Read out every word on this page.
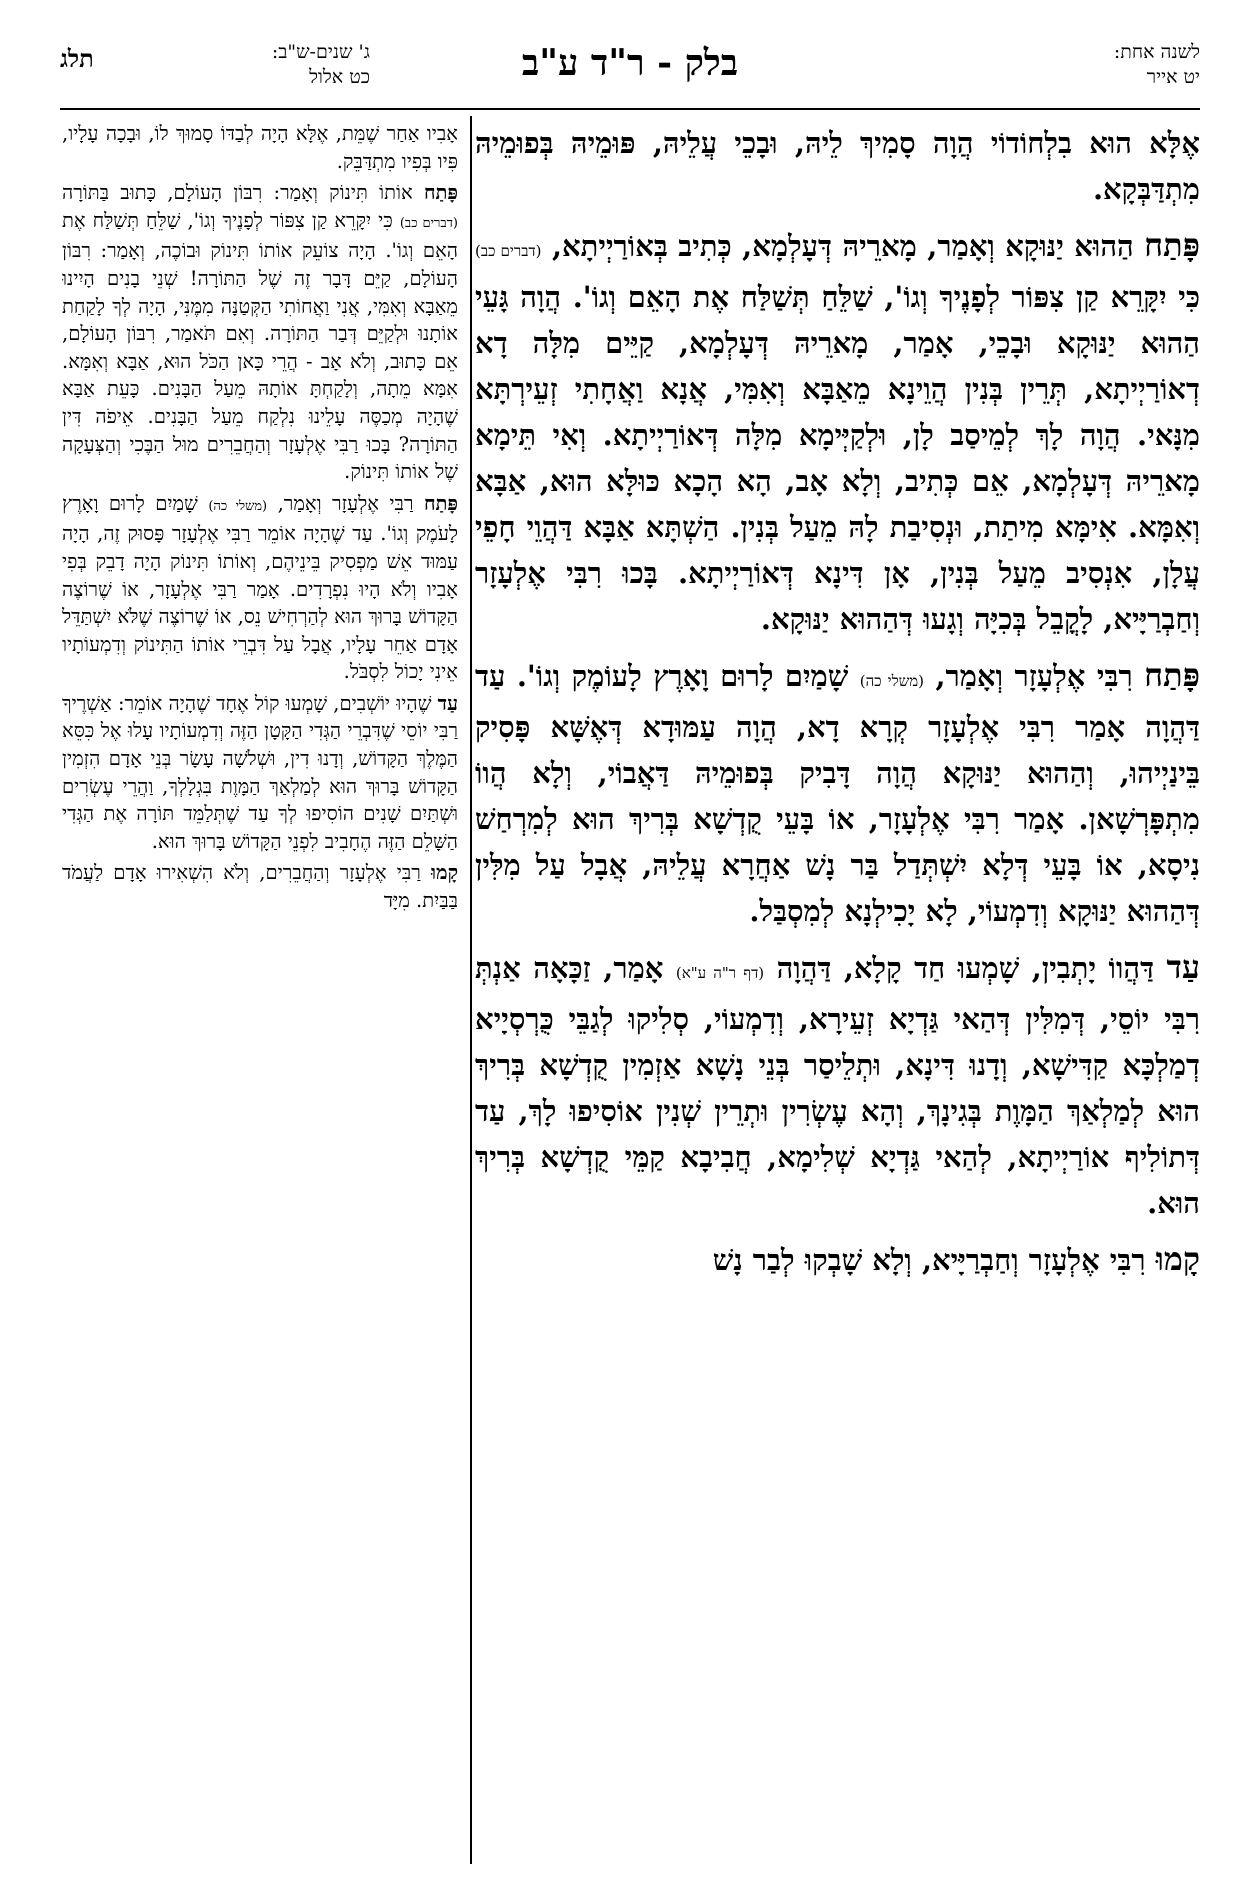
לשנה אחת:
יט אייר
בלק - ר"ד ע"ב
ג' שנים-ש"ב:
כט אלול
תלג

אֶלָּא הוּא בִלְחוֹדוֹי הֲוָה סָמִיךְ לֵיהּ, וּבָכֵי עֲלֵיהּ, פּוּמֵיהּ בְּפוּמֵיהּ מִתְדַּבְּקָא.

פָּתַח הַהוּא יַנּוּקָא וְאָמַר, מָארֵיהּ דְּעָלְמָא, כְּתִיב בְּאוֹרַיְיתָא, (דברים כב) כִּי יִקָּרֵא קַן צִפּוֹר לְפָנֶיךָ וְגוֹ', שַׁלֵּחַ תְּשַׁלַּח אֶת הָאֵם וְגוֹ'. הֲוָה גָּעֵי הַהוּא יַנּוּקָא וּבָכֵי, אָמַר, מָארֵיהּ דְּעָלְמָא, קַיֵּים מִלָּה דָא דְאוֹרַיְיתָא, תְּרֵין בְּנִין הֲוֵינָא מֵאַבָּא וְאִמִּי, אֲנָא וַאֲחָתִי זְעֵירְתָּא מִנָּאי. הֲוָה לָךְ לְמֵיסַב לָן, וּלְקַיְּימָא מִלָּה דְּאוֹרַיְיתָא. וְאִי תֵּימָא מָארֵיהּ דְּעָלְמָא, אֵם כְּתִיב, וְלָא אָב, הָא הָכָא כּוּלָּא הוּא, אַבָּא וְאִמָּא. אִימָּא מִיתַת, וּנְסִיבַת לָהּ מֵעַל בְּנִין. הַשְׁתָּא אַבָּא דַּהֲוֵי חָפֵי עֲלָן, אִנְסִיב מֵעַל בְּנִין, אָן דִּינָא דְּאוֹרַיְיתָא. בָּכוּ רִבִּי אֶלְעָזָר וְחַבְרַיָּיא, לָקֳבֵל בְּכִיָּה וְגָעוּ דְּהַהוּא יַנּוּקָא.

פָּתַח רִבִּי אֶלְעָזָר וְאָמַר, (משלי כה) שָׁמַיִם לָרוּם וָאָרֶץ לָעוֹמֶק וְגוֹ'. עַד דַּהֲוָה אָמַר רִבִּי אֶלְעָזָר קְרָא דָא, הֲוָה עַמּוּדָא דְּאֶשָּׁא פָּסִיק בֵּינַיְיהוּ, וְהַהוּא יַנּוּקָא הֲוָה דָּבִיק בְּפוּמֵיהּ דַּאֲבוֹי, וְלָא הֲווֹ מִתְפָּרְשָׁאן. אָמַר רִבִּי אֶלְעָזָר, אוֹ בָּעֵי קֻדְשָׁא בְּרִיךְ הוּא לְמִרְחַשׁ נִיסָא, אוֹ בָּעֵי דְּלָא יִשְׁתְּדַל בַּר נָשׁ אַחֲרָא עֲלֵיהּ, אֲבָל עַל מִלִּין דְּהַהוּא יַנּוּקָא וְדִמְעוֹי, לָא יָכִילְנָא לְמִסְבַּל.

עַד דַּהֲווֹ יָתְבִין, שָׁמְעוּ חַד קָלָא, דַּהֲוָה (דף ר"ה ע"א) אָמַר, זַכָּאָה אַנְתְּ רִבִּי יוֹסֵי, דְּמִלִּין דְּהַאי גַּדְיָא זְעֵירָא, וְדִמְעוֹי, סְלִיקוּ לְגַבֵּי כֻּרְסְיָיא דְמַלְכָּא קַדִּישָׁא, וְדָנוּ דִּינָא, וּתְלֵיסַר בְּנֵי נָשָׁא אַזְמִין קֻדְשָׁא בְּרִיךְ הוּא לְמַלְאַךְ הַמָּוֶת בְּגִינָךְ, וְהָא עֶשְׂרִין וּתְרֵין שְׁנִין אוֹסִיפוּ לָךְ, עַד דְּתוֹלִיף אוֹרַיְיתָא, לְהַאי גַּדְיָא שְׁלִימָא, חֲבִיבָא קַמֵּי קֻדְשָׁא בְּרִיךְ הוּא.

קָמוּ רִבִּי אֶלְעָזָר וְחַבְרַיָּיא, וְלָא שָׁבְקוּ לְבַר נָשׁ

אָבִיו אַחַר שֶׁמֵּת, אֶלָּא הָיָה לְבַדּוֹ סָמוּךְ לוֹ, וּבָכָה עָלָיו, פִּיו בְּפִיו מִתְדַּבֵּק.

פָּתַח אוֹתוֹ תִּינוֹק וְאָמַר: רִבּוֹן הָעוֹלָם, כָּתוּב בַּתּוֹרָה (דברים כב) כִּי יִקָּרֵא קַן צִפּוֹר לְפָנֶיךָ וְגוֹ', שַׁלֵּחַ תְּשַׁלַּח אֶת הָאֵם וְגוֹ'. הָיָה צוֹעֵק אוֹתוֹ תִּינוֹק וּבוֹכֶה, וְאָמַר: רִבּוֹן הָעוֹלָם, קַיֵּם דָּבָר זֶה שֶׁל הַתּוֹרָה! שְׁנֵי בָנִים הָיִינוּ מֵאַבָּא וְאִמִּי, אֲנִי וַאֲחוֹתִי הַקְּטַנָּה מִמֶּנִּי, הָיָה לְךָ לָקַחַת אוֹתָנוּ וּלְקַיֵּם דְּבַר הַתּוֹרָה. וְאִם תֹּאמַר, רִבּוֹן הָעוֹלָם, אֵם כָּתוּב, וְלֹא אָב - הֲרֵי כָּאן הַכֹּל הוּא, אַבָּא וְאִמָּא. אִמָּא מֵתָה, וְלָקַחְתָּ אוֹתָהּ מֵעַל הַבָּנִים. כָּעֵת אַבָּא שֶׁהָיָה מְכַסֶּה עָלֵינוּ נִלְקַח מֵעַל הַבָּנִים. אֵיפֹה דִּין הַתּוֹרָה? בָּכוּ רַבִּי אֶלְעָזָר וְהַחֲבֵרִים מוּל הַבֶּכִי וְהַצְּעָקָה שֶׁל אוֹתוֹ תִּינוֹק.

פָּתַח רַבִּי אֶלְעָזָר וְאָמַר, (משלי כה) שָׁמַיִם לָרוּם וָאָרֶץ לָעֹמֶק וְגוֹ'. עַד שֶׁהָיָה אוֹמֵר רַבִּי אֶלְעָזָר פָּסוּק זֶה, הָיָה עַמּוּד אֵשׁ מַפְסִיק בֵּינֵיהֶם, וְאוֹתוֹ תִּינוֹק הָיָה דָבֵק בְּפִי אָבִיו וְלֹא הָיוּ נִפְרָדִים. אָמַר רַבִּי אֶלְעָזָר, אוֹ שֶׁרוֹצֶה הַקָּדוֹשׁ בָּרוּךְ הוּא לְהַרְחִישׁ נֵס, אוֹ שֶׁרוֹצֶה שֶׁלֹּא יִשְׁתַּדֵּל אָדָם אַחֵר עָלָיו, אֲבָל עַל דִּבְרֵי אוֹתוֹ הַתִּינוֹק וְדִמְעוֹתָיו אֵינִי יָכוֹל לִסְבֹּל.

עַד שֶׁהָיוּ יוֹשְׁבִים, שָׁמְעוּ קוֹל אֶחָד שֶׁהָיָה אוֹמֵר: אַשְׁרֶיךָ רַבִּי יוֹסֵי שֶׁדִּבְרֵי הַגְּדִי הַקָּטָן הַזֶּה וְדִמְעוֹתָיו עָלוּ אֶל כִּסֵּא הַמֶּלֶךְ הַקָּדוֹשׁ, וְדָנוּ דִין, וּשְׁלֹשָׁה עָשָׂר בְּנֵי אָדָם הִזְמִין הַקָּדוֹשׁ בָּרוּךְ הוּא לְמַלְאַךְ הַמָּוֶת בִּגְלָלְךָ, וַהֲרֵי עֶשְׂרִים וּשְׁתַּיִם שָׁנִים הוֹסִיפוּ לְךָ עַד שֶׁתְּלַמֵּד תּוֹרָה אֶת הַגְּדִי הַשָּׁלֵם הַזֶּה הֶחָבִיב לִפְנֵי הַקָּדוֹשׁ בָּרוּךְ הוּא.

קָמוּ רַבִּי אֶלְעָזָר וְהַחֲבֵרִים, וְלֹא הִשְׁאִירוּ אָדָם לַעֲמֹד בַּבַּיִת. מִיָּד
